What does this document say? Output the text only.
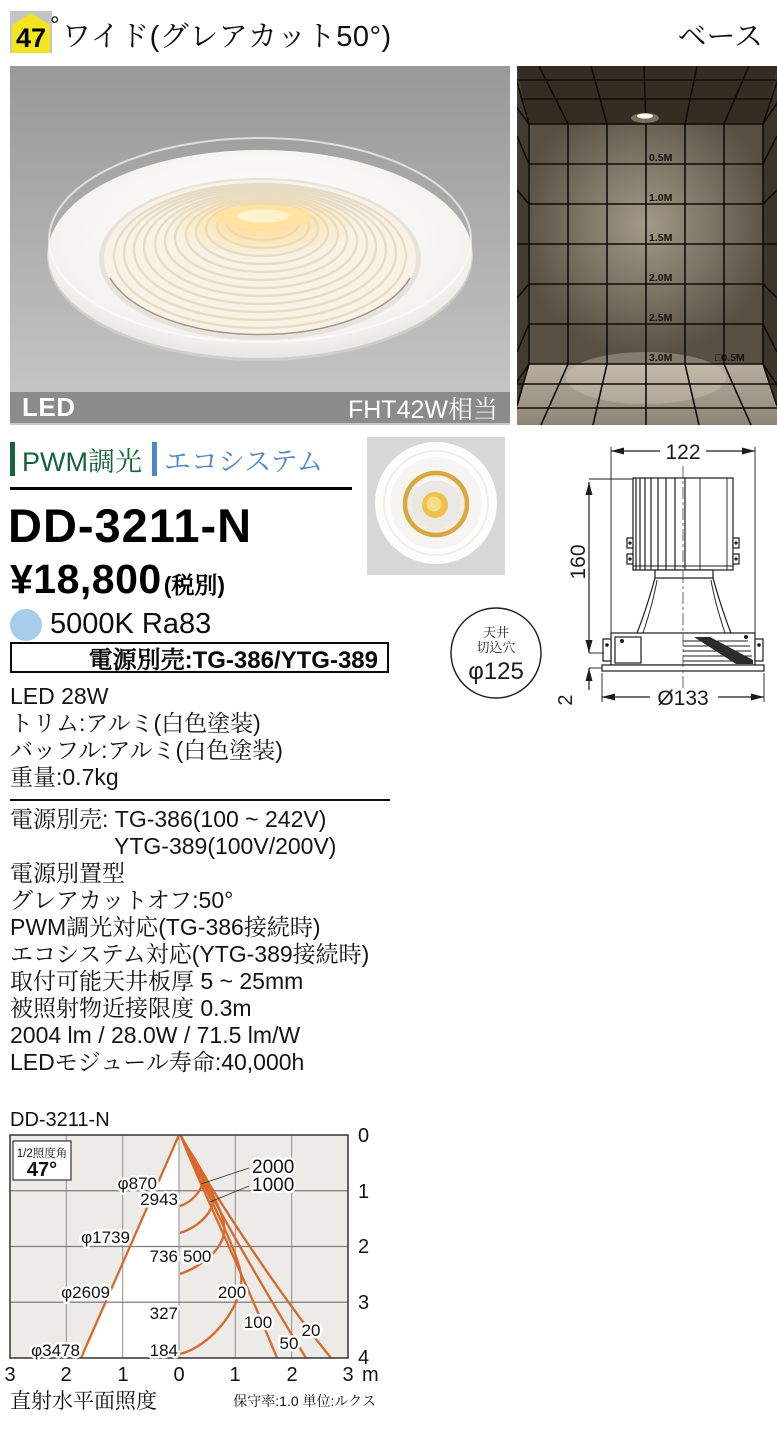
47 ° ワイド(グレアカット50°)	ベース
LED	FHT42W相当
0.5M
1.0M
1.5M
2.0M
2.5M
3.0M	□0.5M
PWM調光 エコシステム
DD-3211-N
¥18,800 (税別)
5000K Ra83
電源別売:TG-386/YTG-389
122
160
2	Ø133
天井
切込穴
φ125
LED 28W
トリム:アルミ(白色塗装)
バッフル:アルミ(白色塗装)
重量:0.7kg
電源別売: TG-386(100 ~ 242V)
YTG-389(100V/200V)
電源別置型
グレアカットオフ:50°
PWM調光対応(TG-386接続時)
エコシステム対応(YTG-389接続時)
取付可能天井板厚 5 ~ 25mm
被照射物近接限度 0.3m
2004 lm / 28.0W / 71.5 lm/W
LEDモジュール寿命:40,000h
DD-3211-N
1/2照度角
47°
φ870
φ1739
φ2609
φ3478
2943
736
327
184
2000
1000
500
200
100
50
20
3 2 1 0 1 2 3 m
0
1
2
3
4
直射水平面照度	保守率:1.0 単位:ルクス
